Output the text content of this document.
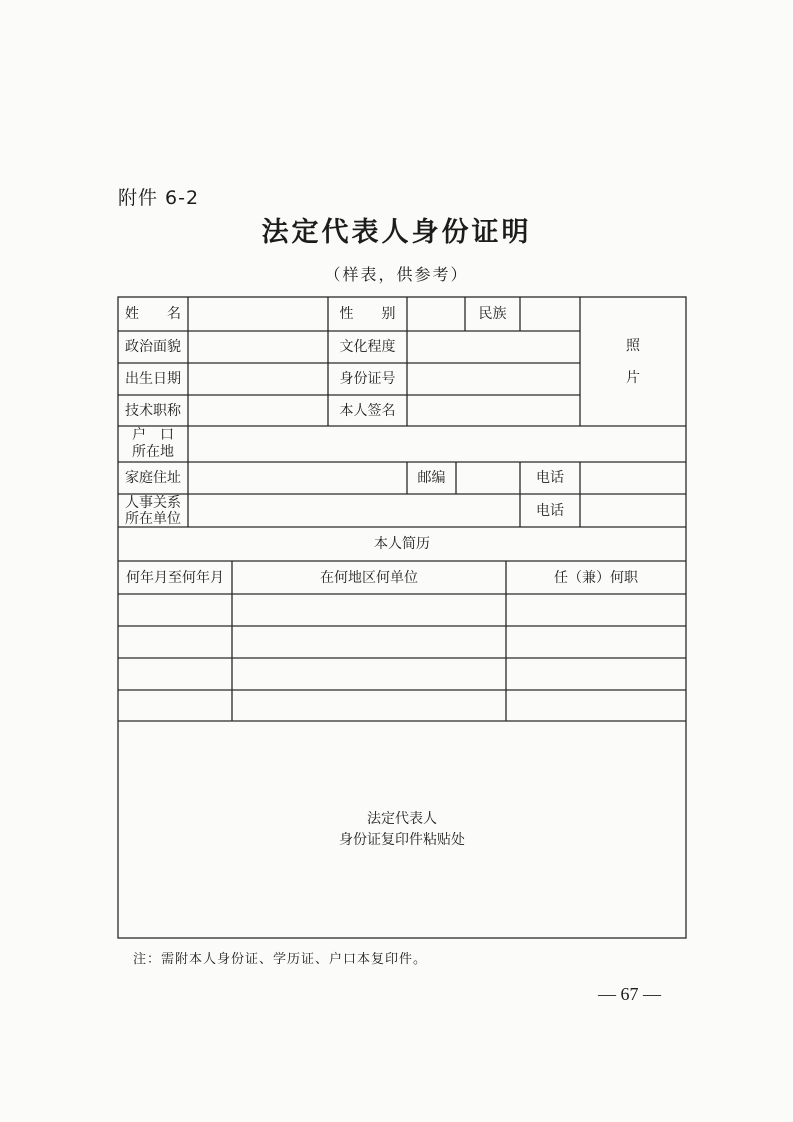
附件 6-2
法定代表人身份证明
（样表，供参考）
姓　　名	性　　别	民族
照
片
政治面貌	文化程度
出生日期	身份证号
技术职称	本人签名
户　口
所在地
家庭住址	邮编	电话
人事关系
所在单位	电话
本人简历
何年月至何年月	在何地区何单位	任（兼）何职
法定代表人
身份证复印件粘贴处
注：需附本人身份证、学历证、户口本复印件。
— 67 —
